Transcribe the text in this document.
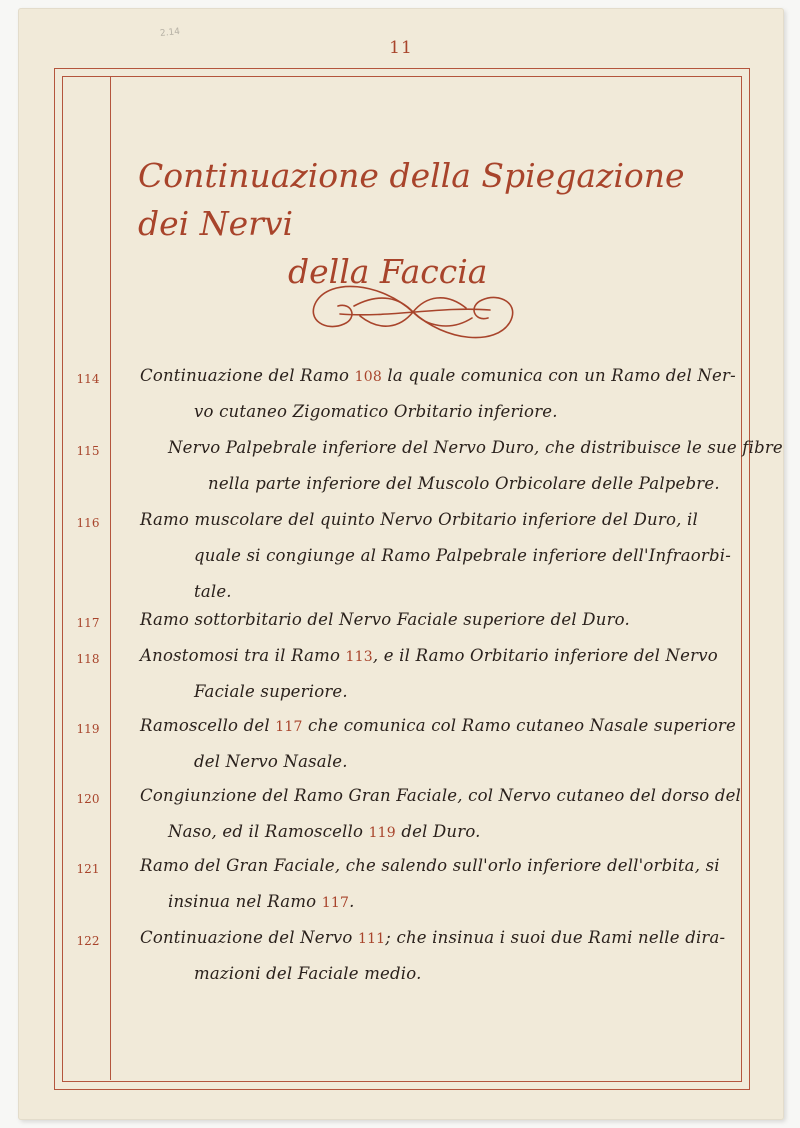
2.14
11
Continuazione della Spiegazione dei Nervi
della Faccia
114 Continuazione del Ramo 108 la quale comunica con un Ramo del Ner-
vo cutaneo Zigomatico Orbitario inferiore.
115	Nervo Palpebrale inferiore del Nervo Duro, che distribuisce le sue fibre
nella parte inferiore del Muscolo Orbicolare delle Palpebre.
116 Ramo muscolare del quinto Nervo Orbitario inferiore del Duro, il
quale si congiunge al Ramo Palpebrale inferiore dell'Infraorbi-
tale.
117 Ramo sottorbitario del Nervo Faciale superiore del Duro.
118 Anostomosi tra il Ramo 113, e il Ramo Orbitario inferiore del Nervo
Faciale superiore.
119 Ramoscello del 117 che comunica col Ramo cutaneo Nasale superiore
del Nervo Nasale.
120 Congiunzione del Ramo Gran Faciale, col Nervo cutaneo del dorso del
Naso, ed il Ramoscello 119 del Duro.
121 Ramo del Gran Faciale, che salendo sull'orlo inferiore dell'orbita, si
insinua nel Ramo 117.
122 Continuazione del Nervo 111; che insinua i suoi due Rami nelle dira-
mazioni del Faciale medio.
